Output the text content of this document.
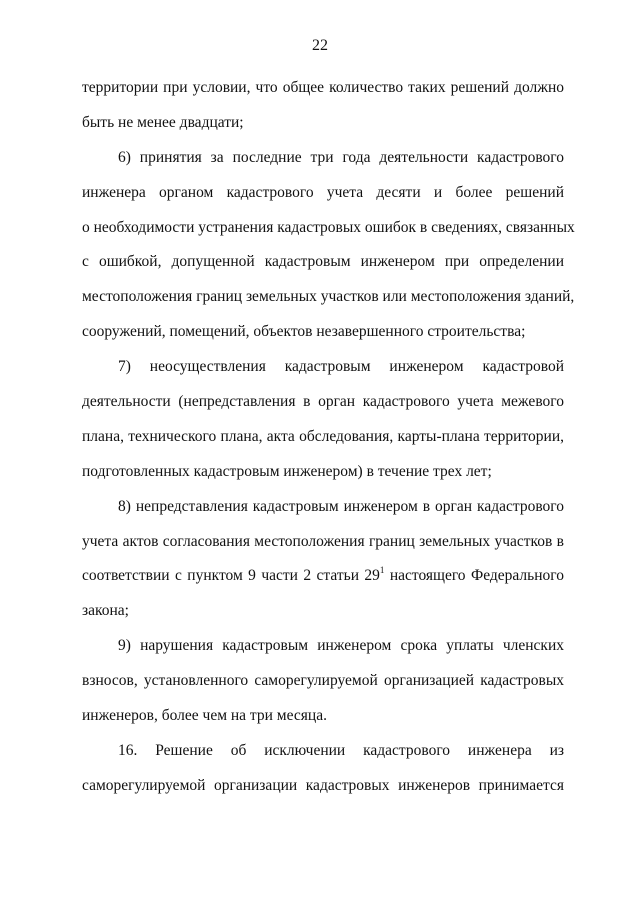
22
территории при условии, что общее количество таких решений должно
быть не менее двадцати;
6) принятия за последние три года деятельности кадастрового
инженера органом кадастрового учета десяти и более решений
о необходимости устранения кадастровых ошибок в сведениях, связанных
с ошибкой, допущенной кадастровым инженером при определении
местоположения границ земельных участков или местоположения зданий,
сооружений, помещений, объектов незавершенного строительства;
7) неосуществления кадастровым инженером кадастровой
деятельности (непредставления в орган кадастрового учета межевого
плана, технического плана, акта обследования, карты-плана территории,
подготовленных кадастровым инженером) в течение трех лет;
8) непредставления кадастровым инженером в орган кадастрового
учета актов согласования местоположения границ земельных участков в
соответствии с пунктом 9 части 2 статьи $29^1$ настоящего Федерального
закона;
9) нарушения кадастровым инженером срока уплаты членских
взносов, установленного саморегулируемой организацией кадастровых
инженеров, более чем на три месяца.
16. Решение об исключении кадастрового инженера из
саморегулируемой организации кадастровых инженеров принимается
